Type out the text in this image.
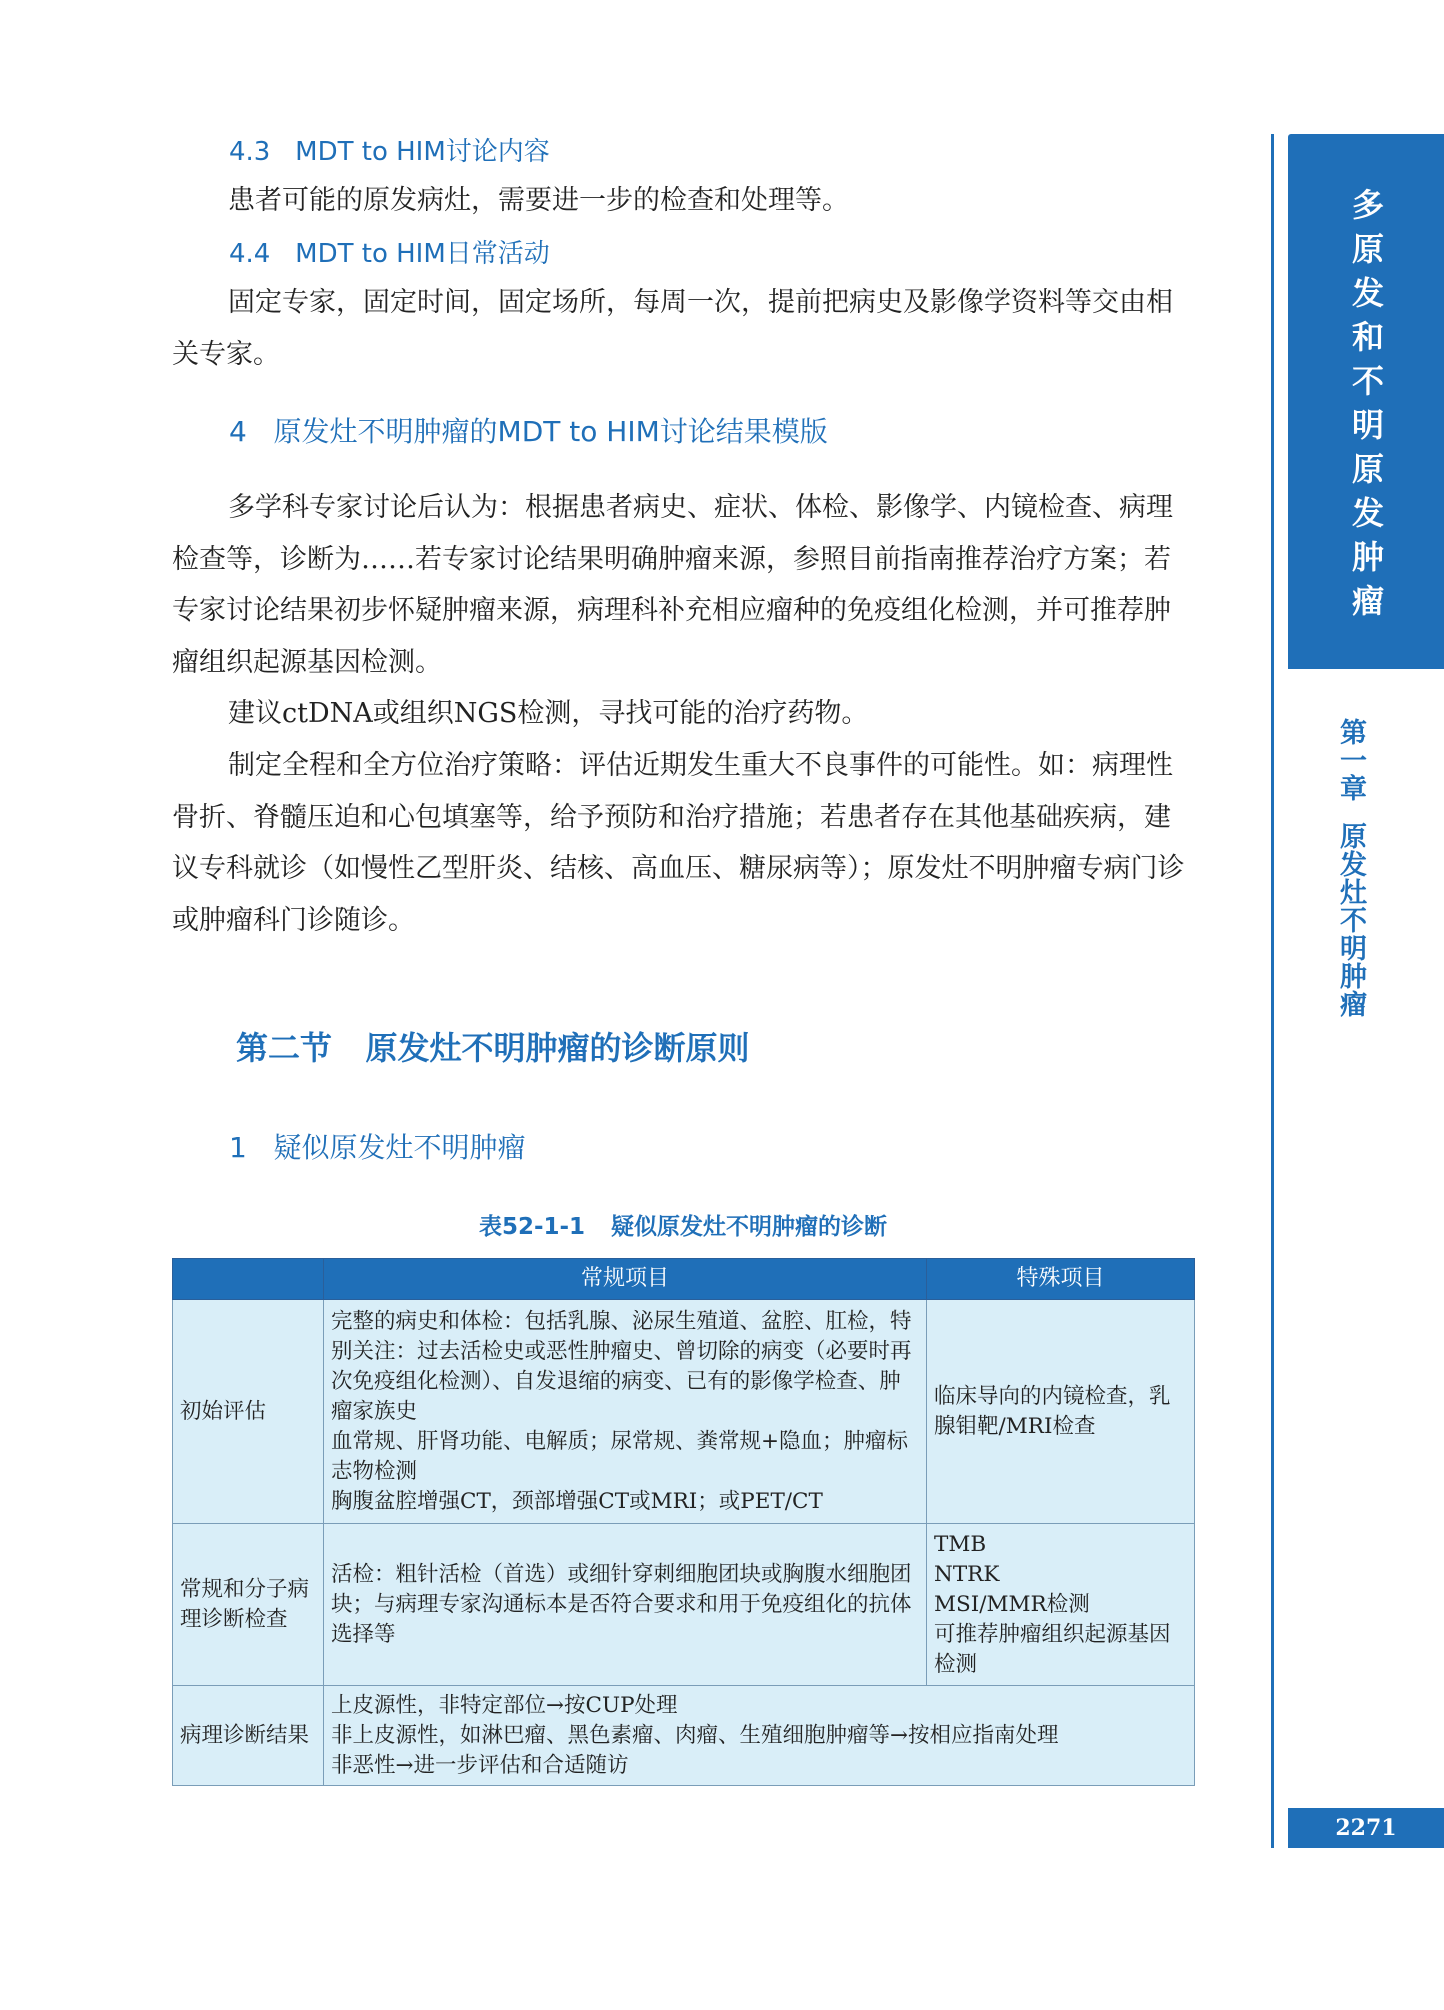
4.3 MDT to HIM讨论内容

患者可能的原发病灶，需要进一步的检查和处理等。

4.4 MDT to HIM日常活动

固定专家，固定时间，固定场所，每周一次，提前把病史及影像学资料等交由相关专家。

4 原发灶不明肿瘤的MDT to HIM讨论结果模版

多学科专家讨论后认为：根据患者病史、症状、体检、影像学、内镜检查、病理检查等，诊断为……若专家讨论结果明确肿瘤来源，参照目前指南推荐治疗方案；若专家讨论结果初步怀疑肿瘤来源，病理科补充相应瘤种的免疫组化检测，并可推荐肿瘤组织起源基因检测。

建议ctDNA或组织NGS检测，寻找可能的治疗药物。

制定全程和全方位治疗策略：评估近期发生重大不良事件的可能性。如：病理性骨折、脊髓压迫和心包填塞等，给予预防和治疗措施；若患者存在其他基础疾病，建议专科就诊（如慢性乙型肝炎、结核、高血压、糖尿病等）；原发灶不明肿瘤专病门诊或肿瘤科门诊随诊。

第二节 原发灶不明肿瘤的诊断原则
1 疑似原发灶不明肿瘤
表52-1-1 疑似原发灶不明肿瘤的诊断
	常规项目	特殊项目
初始评估	完整的病史和体检：包括乳腺、泌尿生殖道、盆腔、肛检，特别关注：过去活检史或恶性肿瘤史、曾切除的病变（必要时再次免疫组化检测）、自发退缩的病变、已有的影像学检查、肿瘤家族史
血常规、肝肾功能、电解质；尿常规、粪常规+隐血；肿瘤标志物检测
胸腹盆腔增强CT，颈部增强CT或MRI；或PET/CT	临床导向的内镜检查，乳腺钼靶/MRI检查

常规和分子病理诊断检查	活检：粗针活检（首选）或细针穿刺细胞团块或胸腹水细胞团块；与病理专家沟通标本是否符合要求和用于免疫组化的抗体选择等	TMB
NTRK
MSI/MMR检测
可推荐肿瘤组织起源基因检测

病理诊断结果	上皮源性，非特定部位→按CUP处理
非上皮源性，如淋巴瘤、黑色素瘤、肉瘤、生殖细胞肿瘤等→按相应指南处理
非恶性→进一步评估和合适随访	
多原发和不明原发肿瘤
第一章原发灶不明肿瘤
2271
